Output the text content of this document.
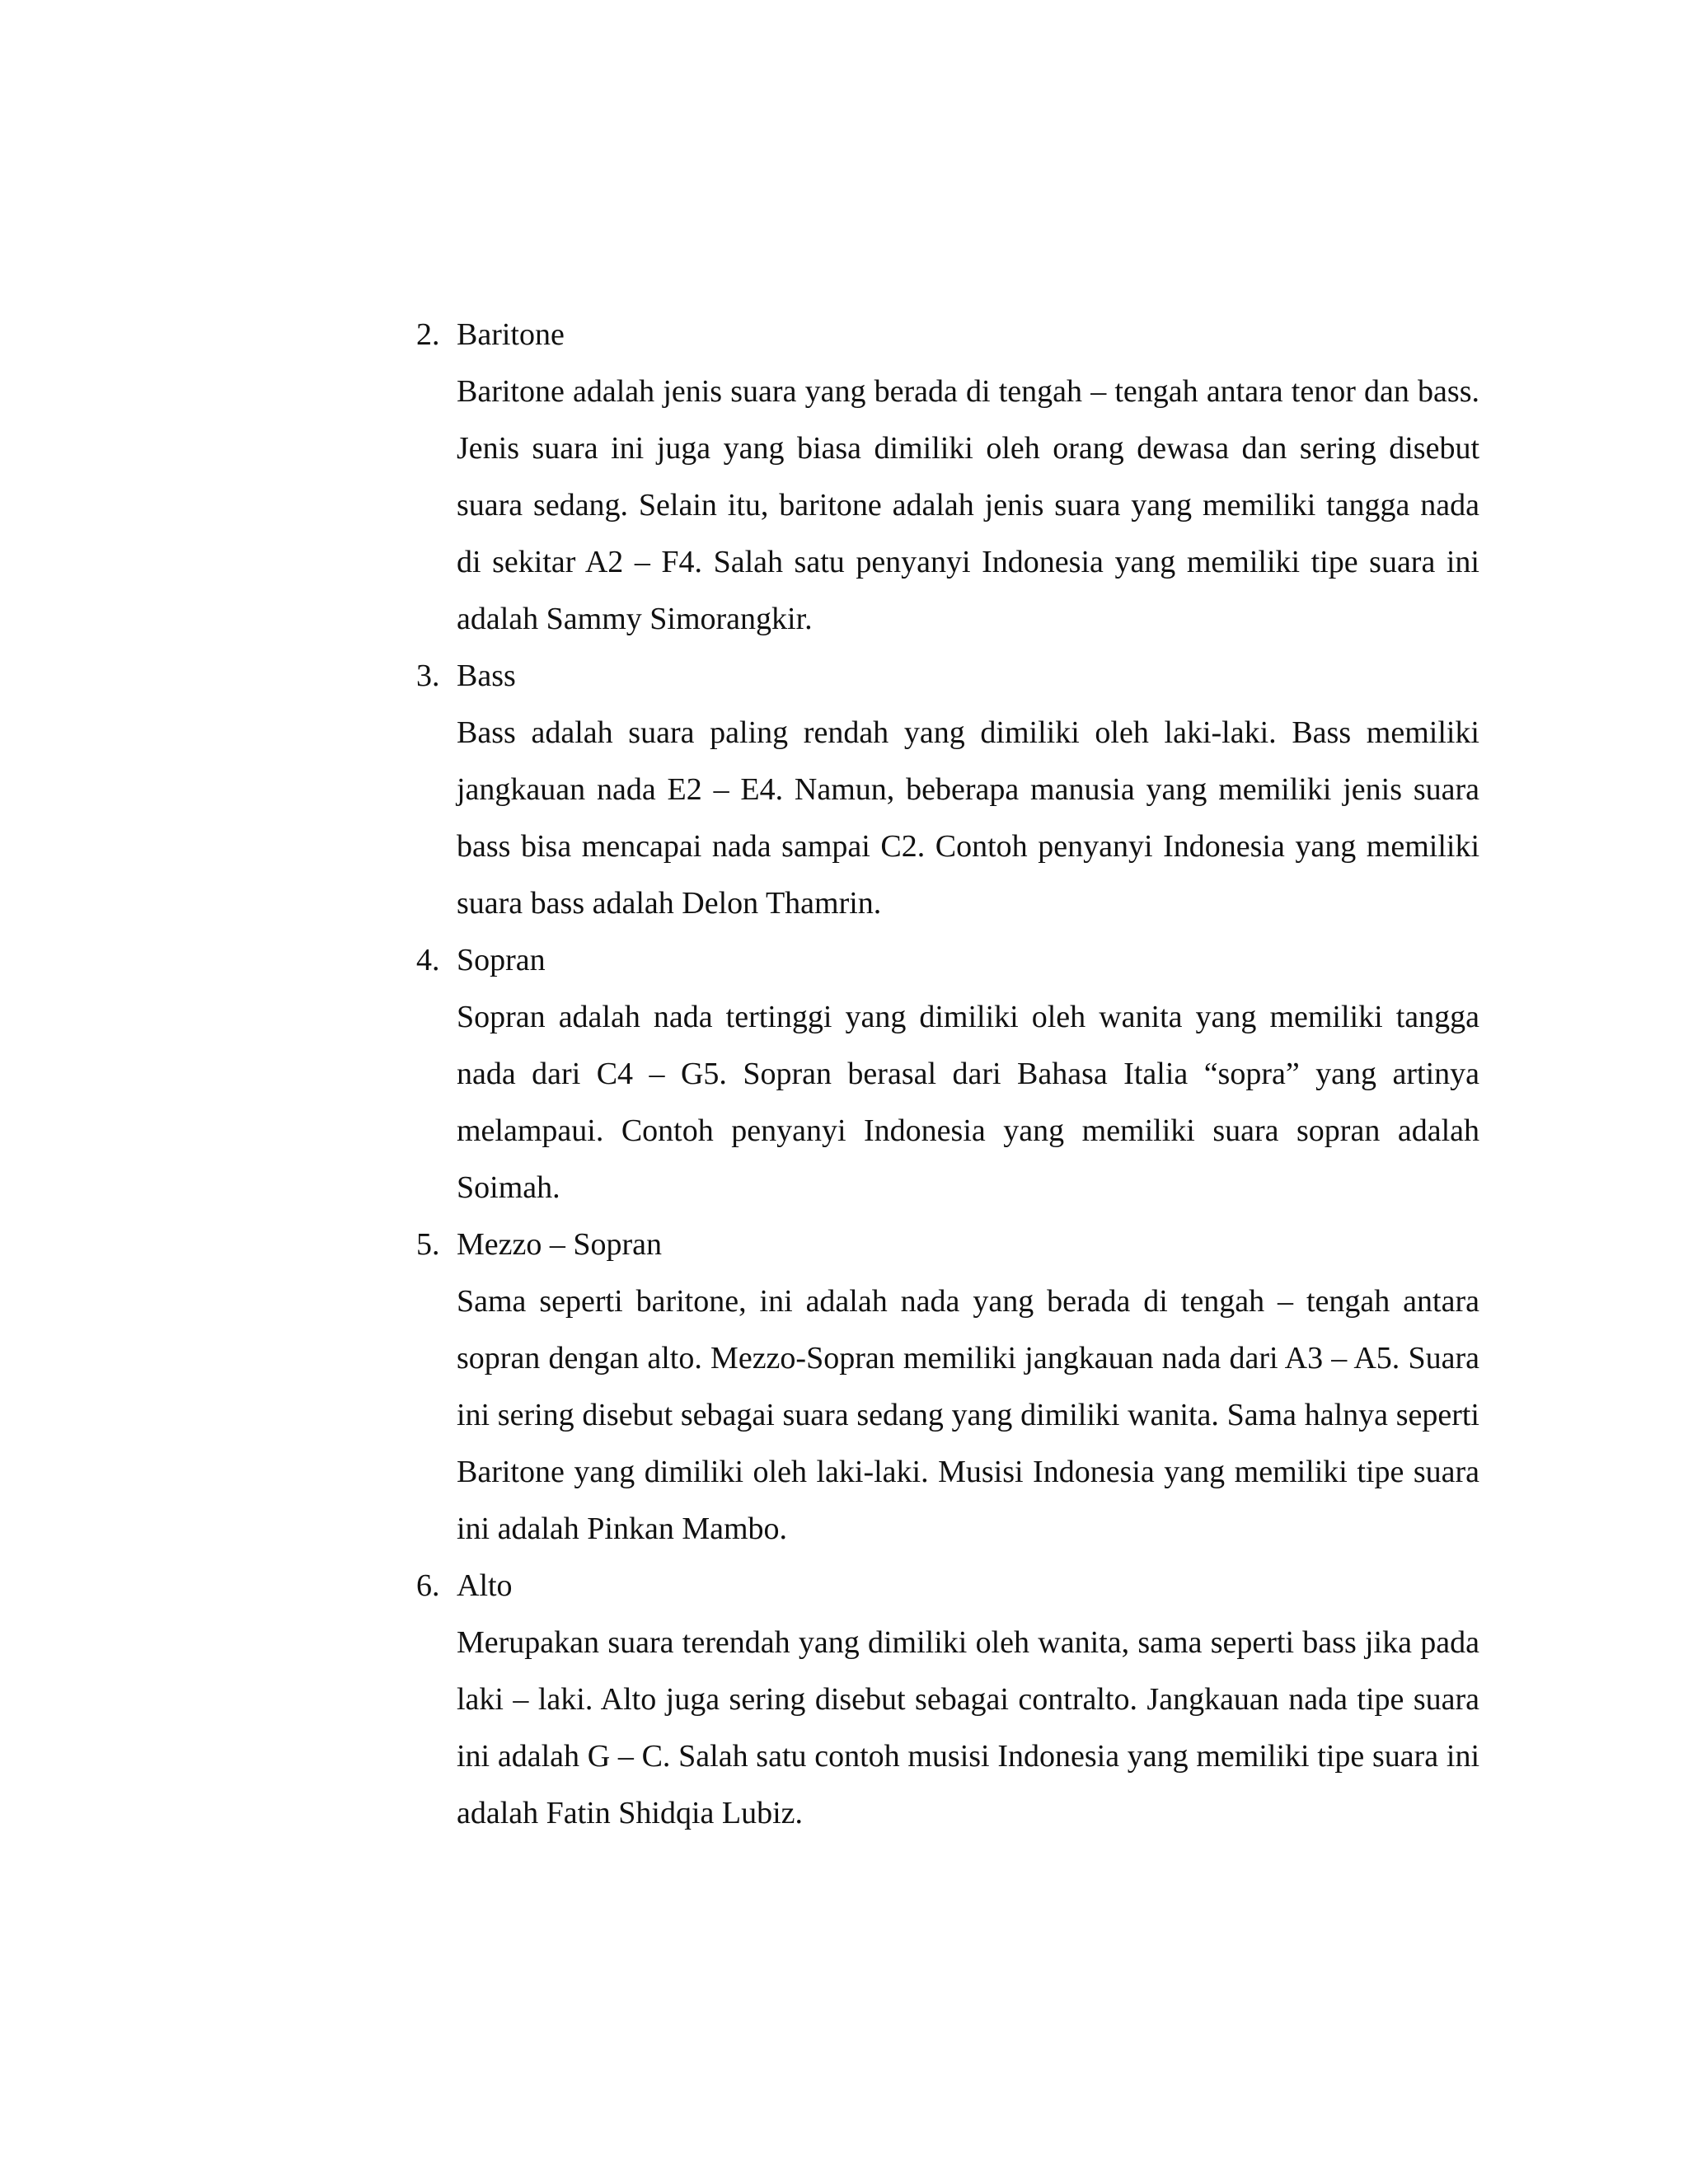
2. Baritone

Baritone adalah jenis suara yang berada di tengah – tengah antara tenor dan bass. Jenis suara ini juga yang biasa dimiliki oleh orang dewasa dan sering disebut suara sedang. Selain itu, baritone adalah jenis suara yang memiliki tangga nada di sekitar A2 – F4. Salah satu penyanyi Indonesia yang memiliki tipe suara ini adalah Sammy Simorangkir.

3. Bass

Bass adalah suara paling rendah yang dimiliki oleh laki-laki. Bass memiliki jangkauan nada E2 – E4. Namun, beberapa manusia yang memiliki jenis suara bass bisa mencapai nada sampai C2. Contoh penyanyi Indonesia yang memiliki suara bass adalah Delon Thamrin.

4. Sopran

Sopran adalah nada tertinggi yang dimiliki oleh wanita yang memiliki tangga nada dari C4 – G5. Sopran berasal dari Bahasa Italia “sopra” yang artinya melampaui. Contoh penyanyi Indonesia yang memiliki suara sopran adalah Soimah.

5. Mezzo – Sopran

Sama seperti baritone, ini adalah nada yang berada di tengah – tengah antara sopran dengan alto. Mezzo-Sopran memiliki jangkauan nada dari A3 – A5. Suara ini sering disebut sebagai suara sedang yang dimiliki wanita. Sama halnya seperti Baritone yang dimiliki oleh laki-laki. Musisi Indonesia yang memiliki tipe suara ini adalah Pinkan Mambo.

6. Alto

Merupakan suara terendah yang dimiliki oleh wanita, sama seperti bass jika pada laki – laki. Alto juga sering disebut sebagai contralto. Jangkauan nada tipe suara ini adalah G – C. Salah satu contoh musisi Indonesia yang memiliki tipe suara ini adalah Fatin Shidqia Lubiz.
